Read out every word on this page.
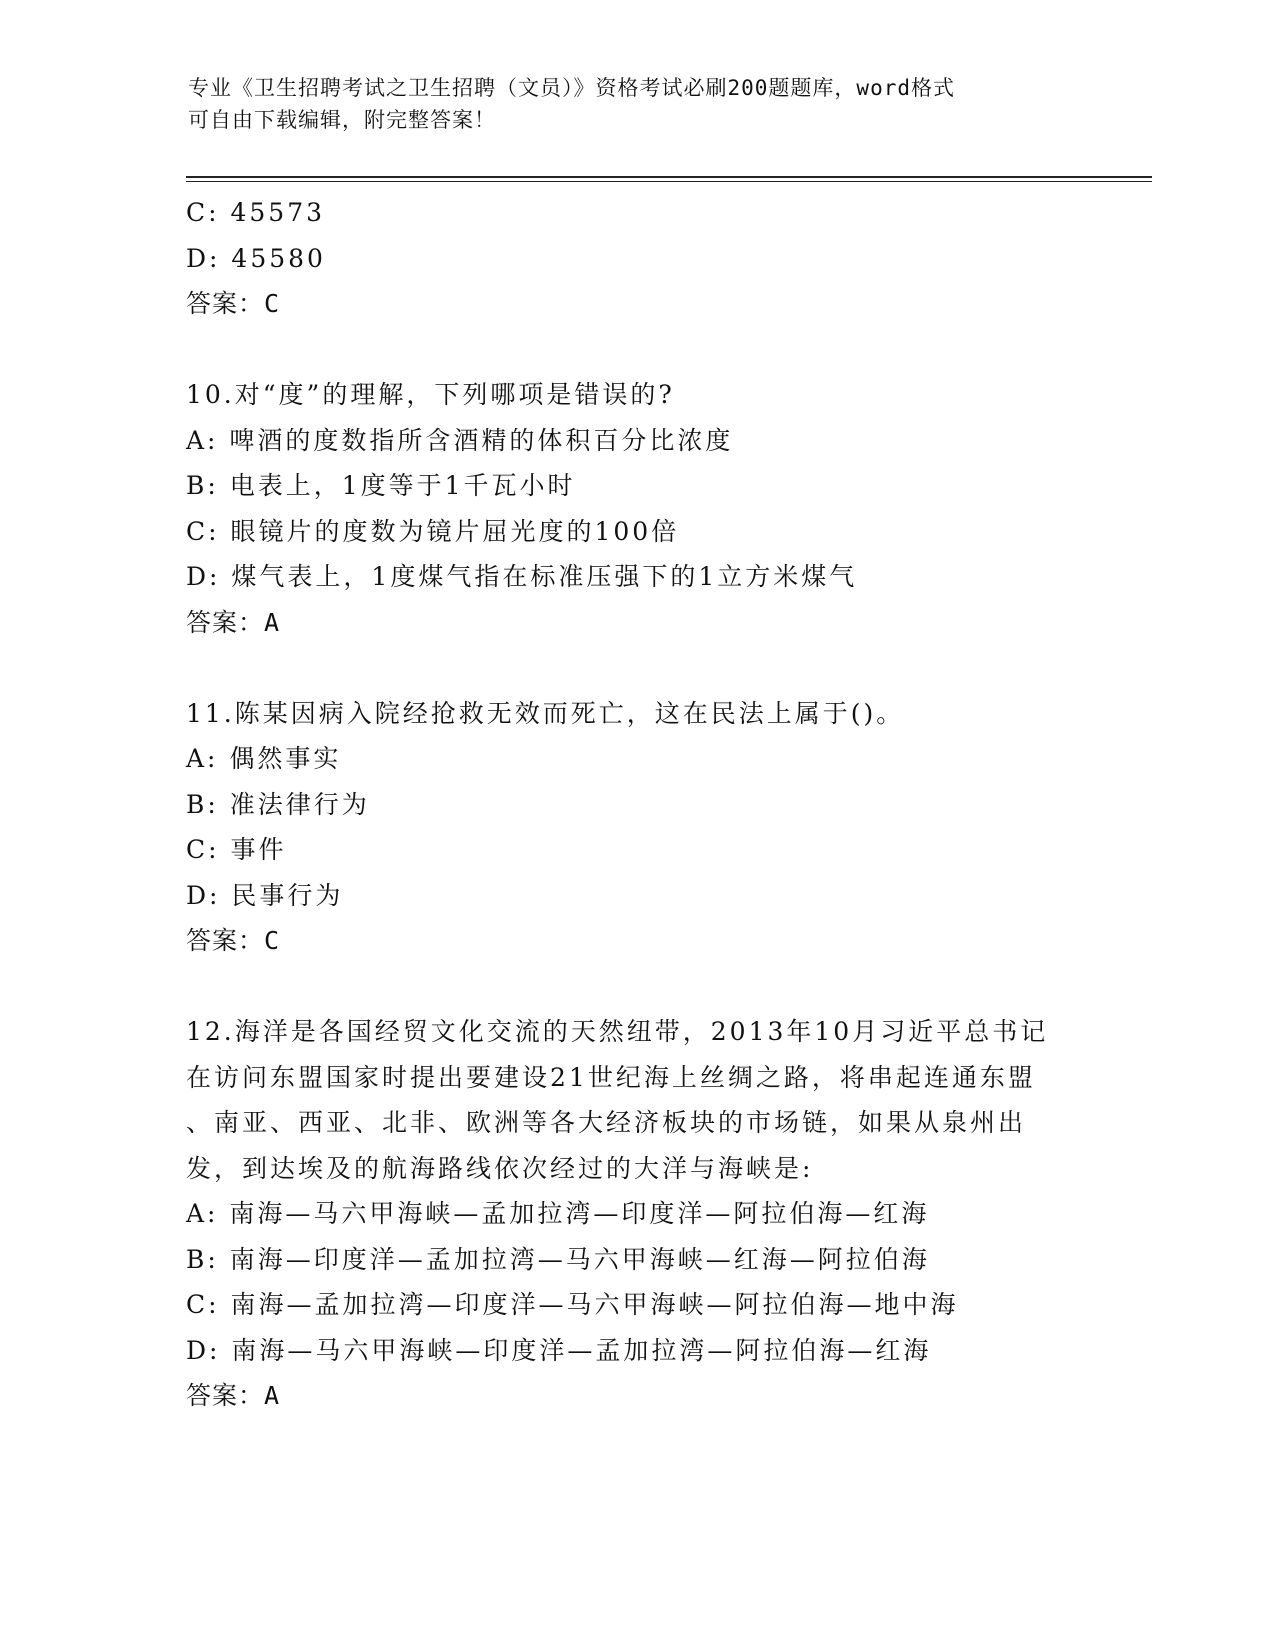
专业《卫生招聘考试之卫生招聘（文员）》资格考试必刷200题题库，word格式
可自由下载编辑，附完整答案！
C: 45573
D: 45580
答案：C
10.对“度”的理解，下列哪项是错误的?
A: 啤酒的度数指所含酒精的体积百分比浓度
B: 电表上，1度等于1千瓦小时
C: 眼镜片的度数为镜片屈光度的100倍
D: 煤气表上，1度煤气指在标准压强下的1立方米煤气
答案：A
11.陈某因病入院经抢救无效而死亡，这在民法上属于()。
A: 偶然事实
B: 准法律行为
C: 事件
D: 民事行为
答案：C
12.海洋是各国经贸文化交流的天然纽带，2013年10月习近平总书记
在访问东盟国家时提出要建设21世纪海上丝绸之路，将串起连通东盟
、南亚、西亚、北非、欧洲等各大经济板块的市场链，如果从泉州出
发，到达埃及的航海路线依次经过的大洋与海峡是:
A: 南海—马六甲海峡—孟加拉湾—印度洋—阿拉伯海—红海
B: 南海—印度洋—孟加拉湾—马六甲海峡—红海—阿拉伯海
C: 南海—孟加拉湾—印度洋—马六甲海峡—阿拉伯海—地中海
D: 南海—马六甲海峡—印度洋—孟加拉湾—阿拉伯海—红海
答案：A
